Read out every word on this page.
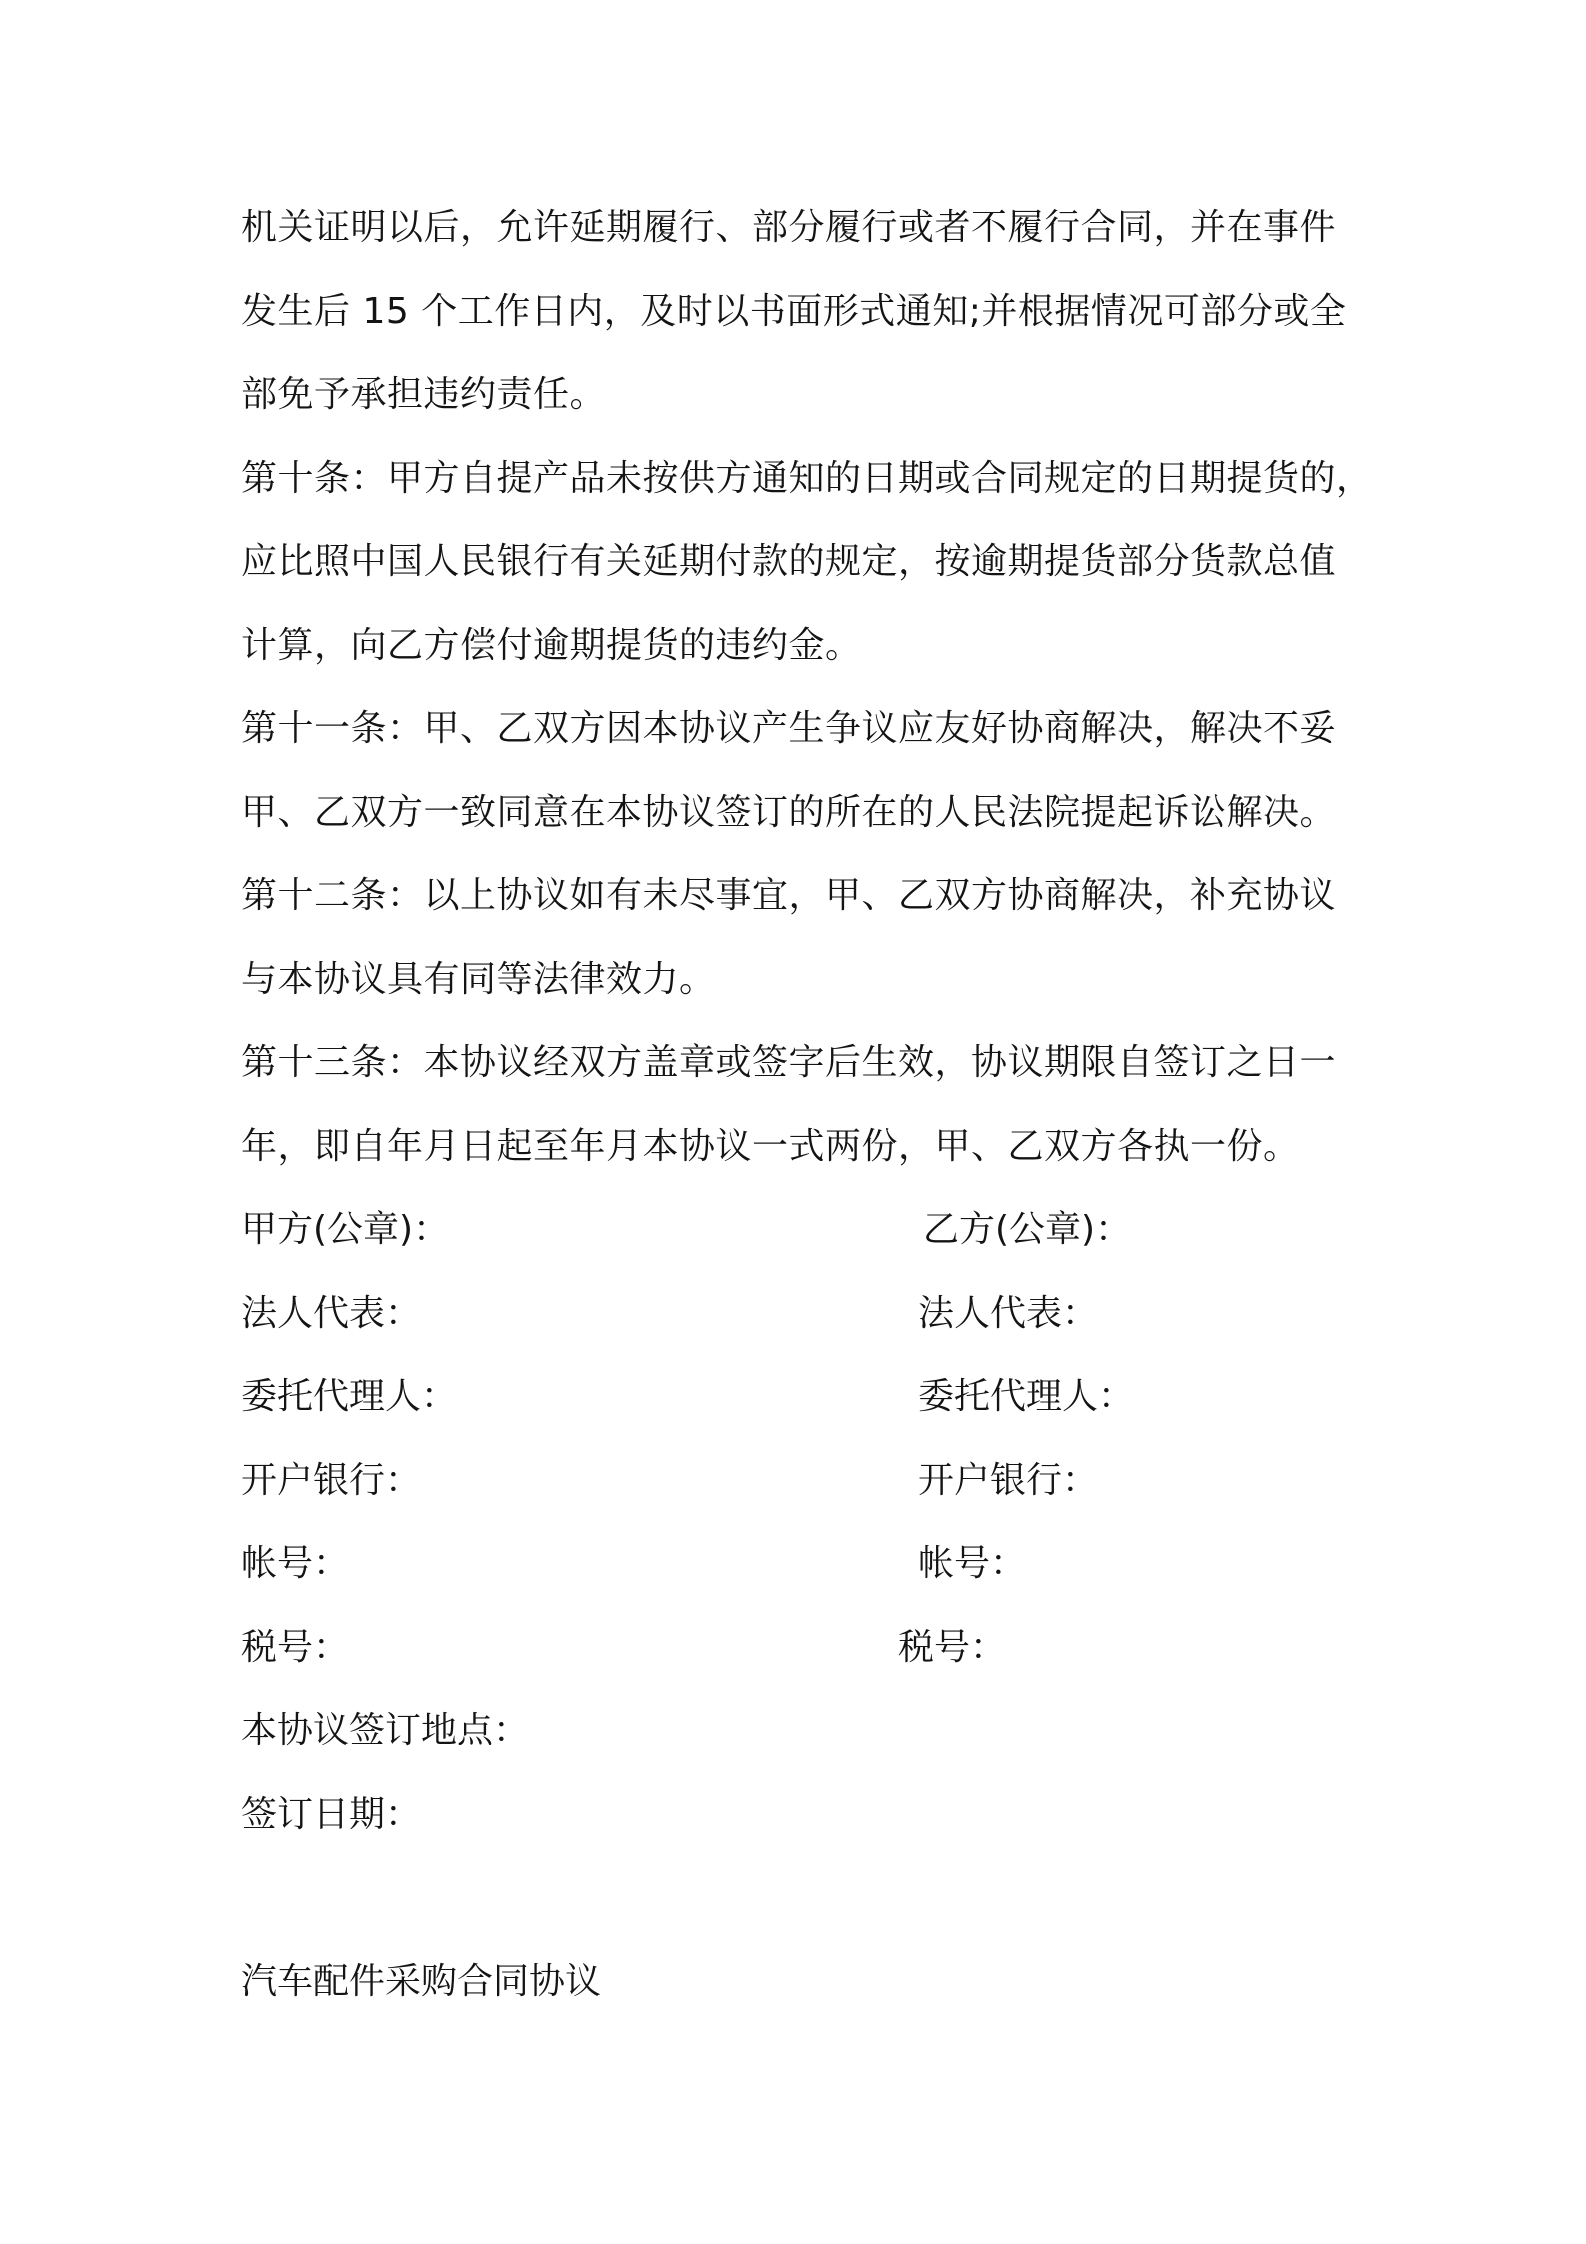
机关证明以后，允许延期履行、部分履行或者不履行合同，并在事件
发生后 15 个工作日内，及时以书面形式通知;并根据情况可部分或全
部免予承担违约责任。
第十条：甲方自提产品未按供方通知的日期或合同规定的日期提货的，
应比照中国人民银行有关延期付款的规定，按逾期提货部分货款总值
计算，向乙方偿付逾期提货的违约金。
第十一条：甲、乙双方因本协议产生争议应友好协商解决，解决不妥
甲、乙双方一致同意在本协议签订的所在的人民法院提起诉讼解决。
第十二条：以上协议如有未尽事宜，甲、乙双方协商解决，补充协议
与本协议具有同等法律效力。
第十三条：本协议经双方盖章或签字后生效，协议期限自签订之日一
年，即自年月日起至年月本协议一式两份，甲、乙双方各执一份。
甲方(公章)：
法人代表：
委托代理人：
开户银行：
帐号：
税号：
乙方(公章)：
法人代表：
委托代理人：
开户银行：
帐号：
税号：
本协议签订地点：
签订日期：
汽车配件采购合同协议
